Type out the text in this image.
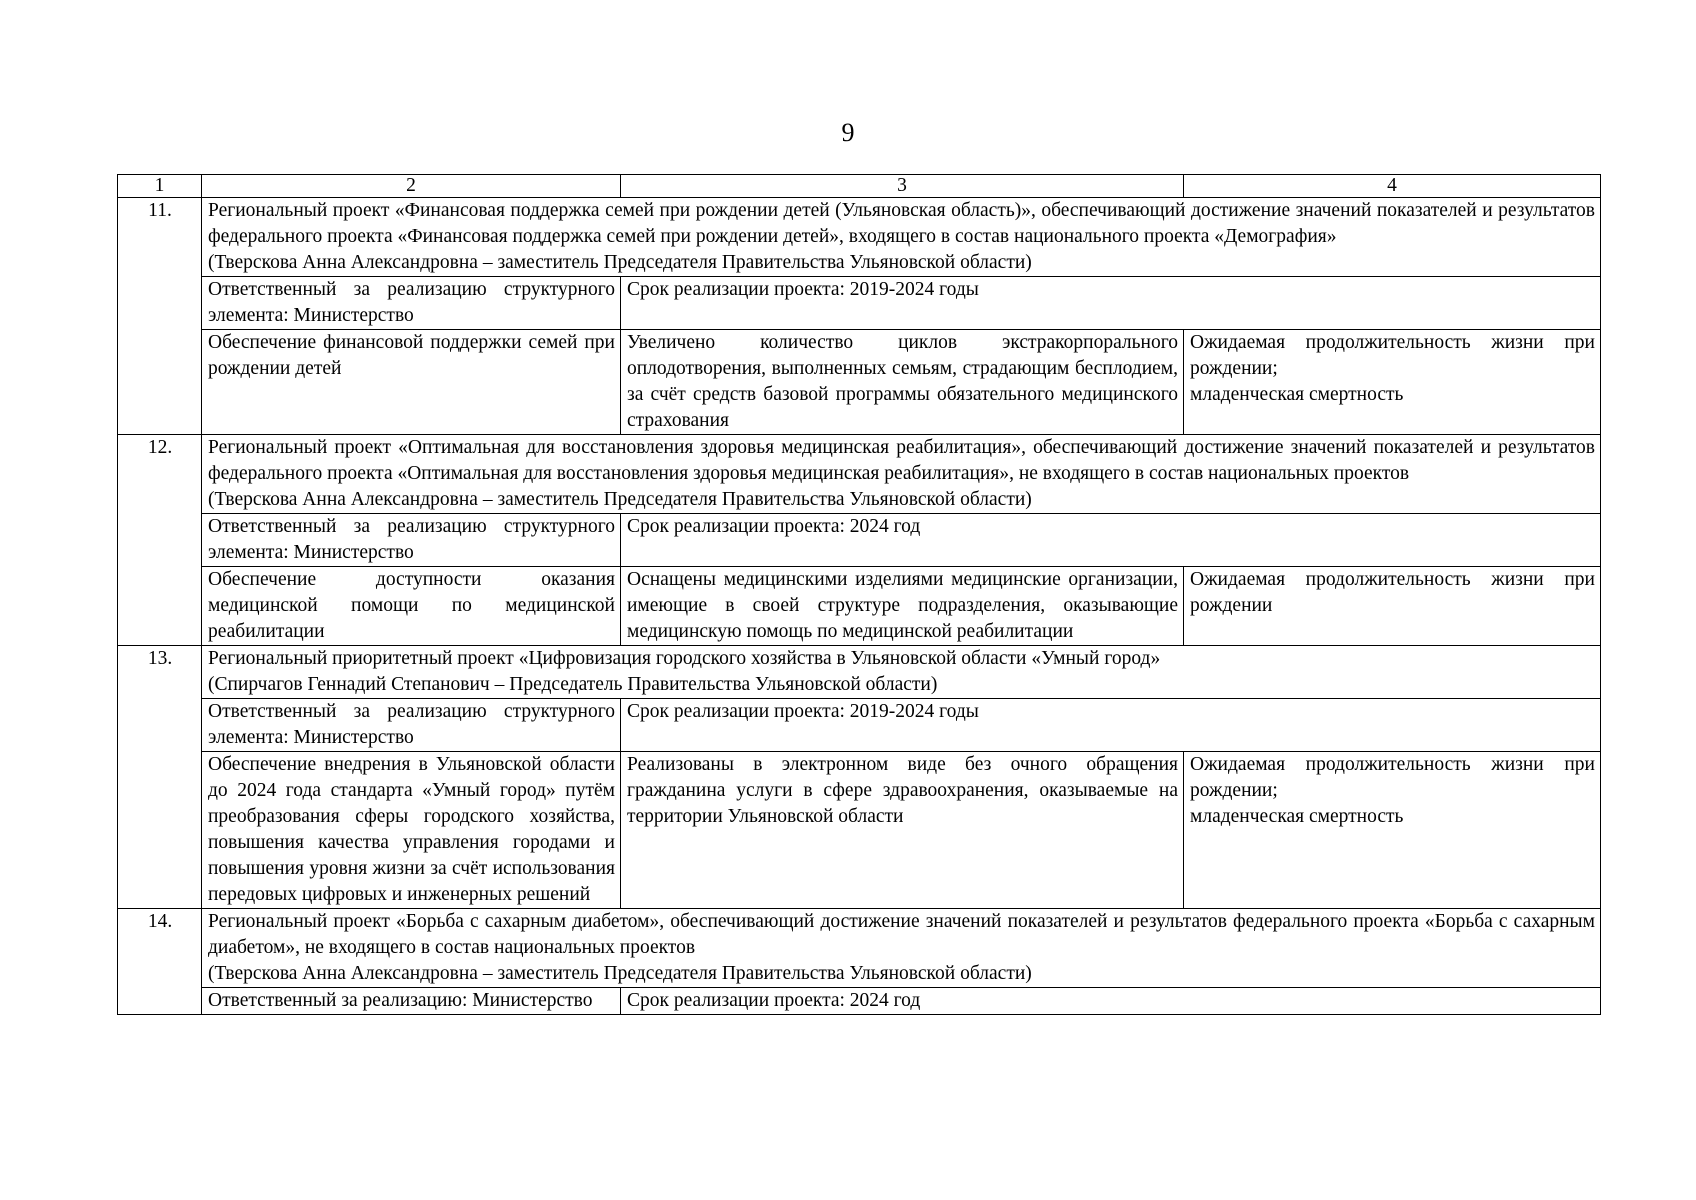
9
1	2	3	4
11.	Региональный проект «Финансовая поддержка семей при рождении детей (Ульяновская область)», обеспечивающий достижение значений показателей и результатов федерального проекта «Финансовая поддержка семей при рождении детей», входящего в состав национального проекта «Демография»
(Тверскова Анна Александровна – заместитель Председателя Правительства Ульяновской области)		

	Ответственный за реализацию структурного элемента: Министерство	Срок реализации проекта: 2019-2024 годы	
	Обеспечение финансовой поддержки семей при рождении детей	Увеличено количество циклов экстракорпорального оплодотворения, выполненных семьям, страдающим бесплодием, за счёт средств базовой программы обязательного медицинского страхования	Ожидаемая продолжительность жизни при рождении;
младенческая смертность

12.	Региональный проект «Оптимальная для восстановления здоровья медицинская реабилитация», обеспечивающий достижение значений показателей и результатов федерального проекта «Оптимальная для восстановления здоровья медицинская реабилитация», не входящего в состав национальных проектов
(Тверскова Анна Александровна – заместитель Председателя Правительства Ульяновской области)		

	Ответственный за реализацию структурного элемента: Министерство	Срок реализации проекта: 2024 год	
	Обеспечение доступности оказания медицинской помощи по медицинской реабилитации	Оснащены медицинскими изделиями медицинские организации, имеющие в своей структуре подразделения, оказывающие медицинскую помощь по медицинской реабилитации	Ожидаемая продолжительность жизни при рождении

13.	Региональный приоритетный проект «Цифровизация городского хозяйства в Ульяновской области «Умный город»
(Спирчагов Геннадий Степанович – Председатель Правительства Ульяновской области)		

	Ответственный за реализацию структурного элемента: Министерство	Срок реализации проекта: 2019-2024 годы	
	Обеспечение внедрения в Ульяновской области до 2024 года стандарта «Умный город» путём преобразования сферы городского хозяйства, повышения качества управления городами и повышения уровня жизни за счёт использования передовых цифровых и инженерных решений	Реализованы в электронном виде без очного обращения гражданина услуги в сфере здравоохранения, оказываемые на территории Ульяновской области	Ожидаемая продолжительность жизни при рождении;
младенческая смертность

14.	Региональный проект «Борьба с сахарным диабетом», обеспечивающий достижение значений показателей и результатов федерального проекта «Борьба с сахарным диабетом», не входящего в состав национальных проектов
(Тверскова Анна Александровна – заместитель Председателя Правительства Ульяновской области)		

	Ответственный за реализацию: Министерство	Срок реализации проекта: 2024 год	
